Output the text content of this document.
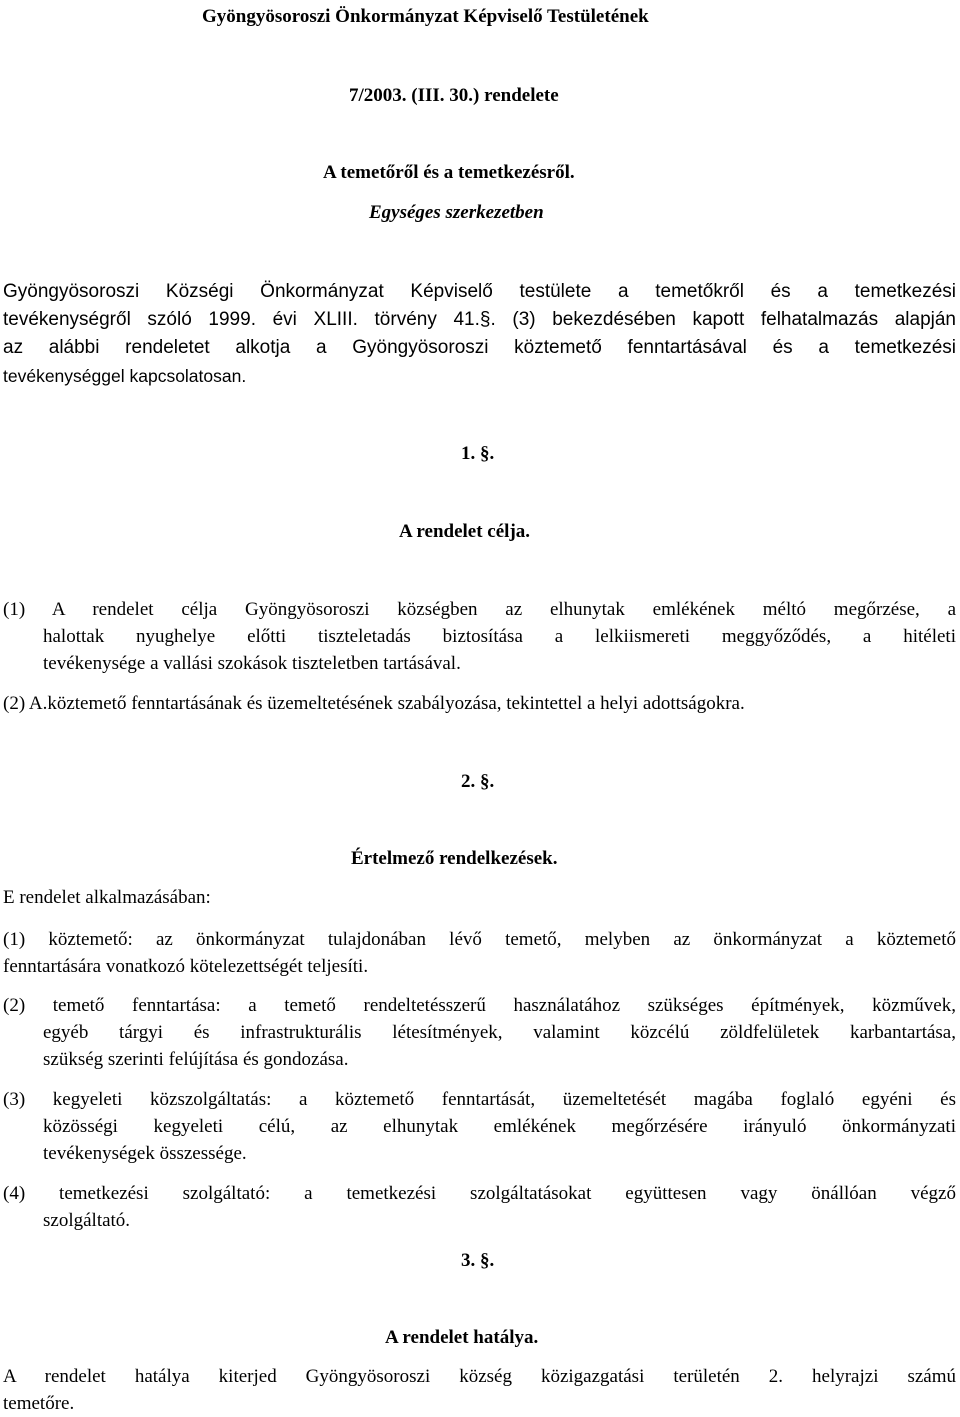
Gyöngyösoroszi Önkormányzat Képviselő Testületének
7/2003. (III. 30.) rendelete
A temetőről és a temetkezésről.
Egységes szerkezetben
Gyöngyösoroszi Községi Önkormányzat Képviselő testülete a temetőkről és a temetkezési
tevékenységről szóló 1999. évi XLIII. törvény 41.§. (3) bekezdésében kapott felhatalmazás alapján
az alábbi rendeletet alkotja a Gyöngyösoroszi köztemető fenntartásával és a temetkezési
tevékenységgel kapcsolatosan.
1. §.
A rendelet célja.
(1) A rendelet célja Gyöngyösoroszi községben az elhunytak emlékének méltó megőrzése, a
halottak nyughelye előtti tiszteletadás biztosítása a lelkiismereti meggyőződés, a hitéleti
tevékenysége a vallási szokások tiszteletben tartásával.
(2) A.köztemető fenntartásának és üzemeltetésének szabályozása, tekintettel a helyi adottságokra.
2. §.
Értelmező rendelkezések.
E rendelet alkalmazásában:
(1) köztemető: az önkormányzat tulajdonában lévő temető, melyben az önkormányzat a köztemető
fenntartására vonatkozó kötelezettségét teljesíti.
(2) temető fenntartása: a temető rendeltetésszerű használatához szükséges építmények, közművek,
egyéb tárgyi és infrastrukturális létesítmények, valamint közcélú zöldfelületek karbantartása,
szükség szerinti felújítása és gondozása.
(3) kegyeleti közszolgáltatás: a köztemető fenntartását, üzemeltetését magába foglaló egyéni és
közösségi kegyeleti célú, az elhunytak emlékének megőrzésére irányuló önkormányzati
tevékenységek összessége.
(4) temetkezési szolgáltató: a temetkezési szolgáltatásokat együttesen vagy önállóan végző
szolgáltató.
3. §.
A rendelet hatálya.
A rendelet hatálya kiterjed Gyöngyösoroszi község közigazgatási területén 2. helyrajzi számú
temetőre.
